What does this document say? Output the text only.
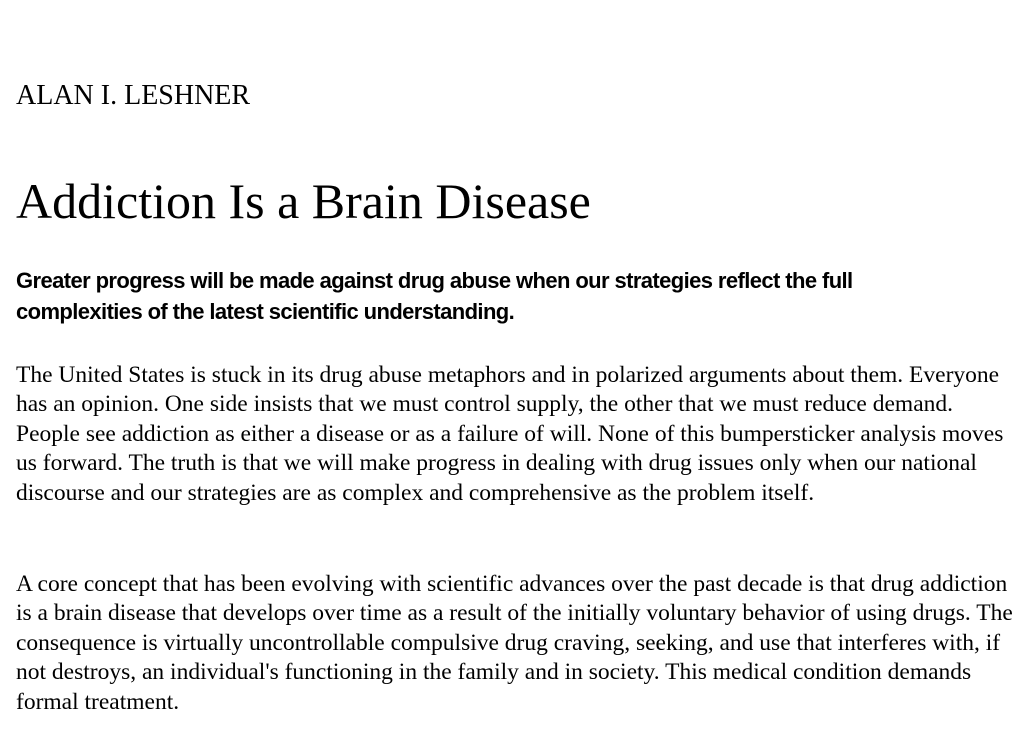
ALAN I. LESHNER
Addiction Is a Brain Disease
Greater progress will be made against drug abuse when our strategies reflect the full complexities of the latest scientific understanding.

The United States is stuck in its drug abuse metaphors and in polarized arguments about them. Everyone has an opinion. One side insists that we must control supply, the other that we must reduce demand. People see addiction as either a disease or as a failure of will. None of this bumpersticker analysis moves us forward. The truth is that we will make progress in dealing with drug issues only when our national discourse and our strategies are as complex and comprehensive as the problem itself.

A core concept that has been evolving with scientific advances over the past decade is that drug addiction is a brain disease that develops over time as a result of the initially voluntary behavior of using drugs. The consequence is virtually uncontrollable compulsive drug craving, seeking, and use that interferes with, if not destroys, an individual's functioning in the family and in society. This medical condition demands formal treatment.
